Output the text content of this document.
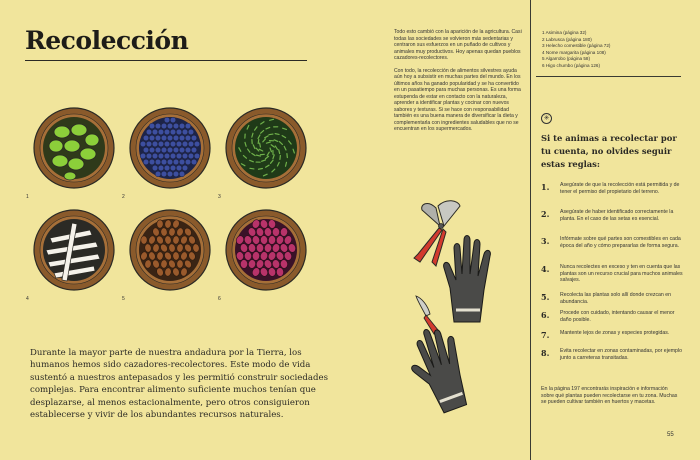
Recolección
1	2	3
4	5	6
Durante la mayor parte de nuestra andadura por la Tierra, los humanos hemos sido cazadores-recolectores. Este modo de vida sustentó a nuestros antepasados y les permitió construir sociedades complejas. Para encontrar alimento suficiente muchos tenían que desplazarse, al menos estacionalmente, pero otros consiguieron establecerse y vivir de los abundantes recursos naturales.

Todo esto cambió con la aparición de la agricultura. Casi todas las sociedades se volvieron más sedentarias y centraron sus esfuerzos en un puñado de cultivos y animales muy productivos. Hoy apenas quedan pueblos cazadores-recolectores.

Con todo, la recolección de alimentos silvestres ayuda aún hoy a subsistir en muchas partes del mundo. En los últimos años ha ganado popularidad y se ha convertido en un pasatiempo para muchas personas. Es una forma estupenda de estar en contacto con la naturaleza, aprender a identificar plantas y cocinar con nuevos sabores y texturas. Si se hace con responsabilidad también es una buena manera de diversificar la dieta y complementarla con ingredientes saludables que no se encuentran en los supermercados.

1 Asimina (página 32)
2 Labrusca (página 180)
3 Helecho comestible (página 72)
4 Nome margarita (página 108)
5 Algarrobo (página 58)
6 Higo chumbo (página 126)
✳
Si te animas a recolectar por tu cuenta, no olvides seguir estas reglas:
1.	Asegúrate de que la recolección está permitida y de tener el permiso del propietario del terreno.
2.	Asegúrate de haber identificado correctamente la planta. En el caso de las setas es esencial.
3.	Infórmate sobre qué partes son comestibles en cada época del año y cómo prepararlas de forma segura.
4.	Nunca recolectes en exceso y ten en cuenta que las plantas son un recurso crucial para muchos animales salvajes.
5.	Recolecta las plantas solo allí donde crezcan en abundancia.
6.	Procede con cuidado, intentando causar el menor daño posible.
7.	Mantente lejos de zonas y especies protegidas.
8.	Evita recolectar en zonas contaminadas, por ejemplo junto a carreteras transitadas.
En la página 197 encontrarás inspiración e información sobre qué plantas pueden recolectarse en tu zona. Muchas se pueden cultivar también en huertos y macetas.
55
